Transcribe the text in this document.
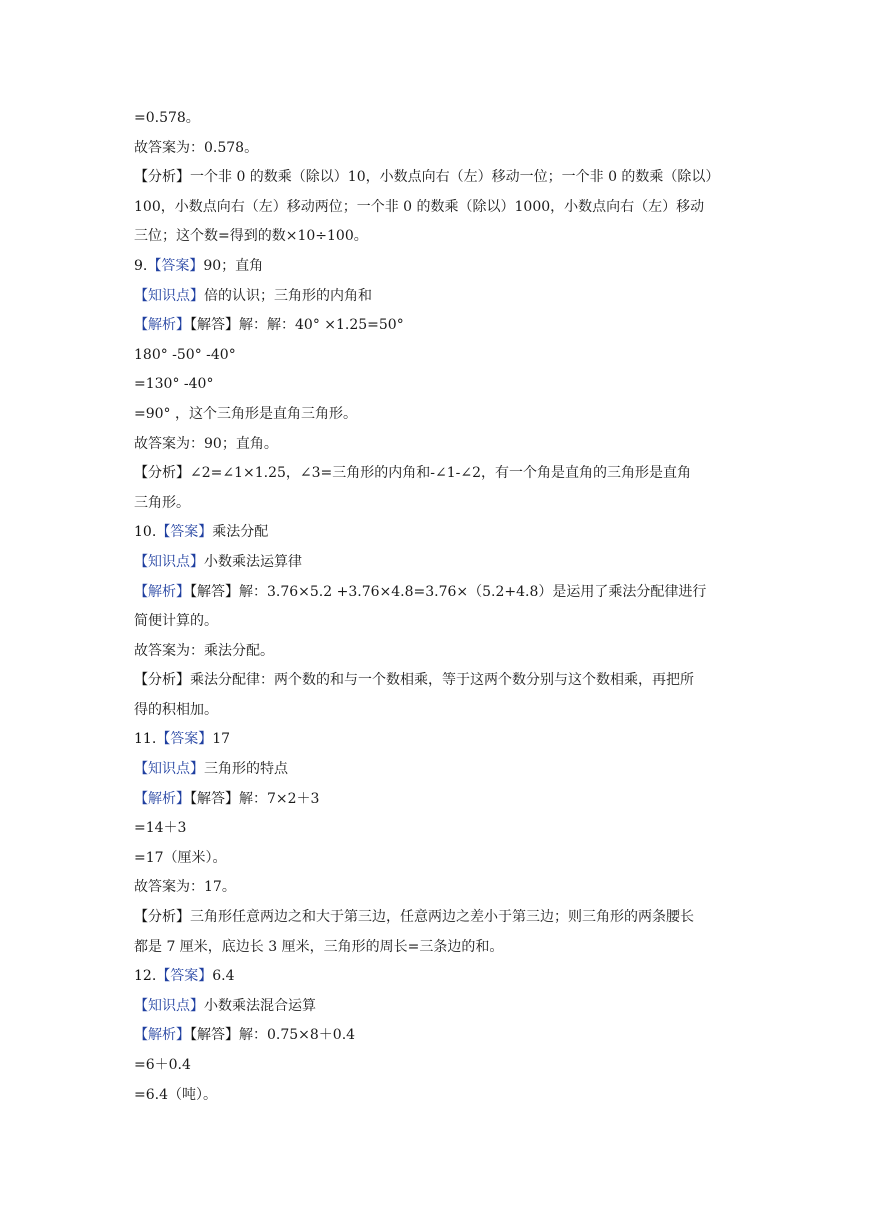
=0.578。
故答案为：0.578。
【分析】一个非 0 的数乘（除以）10，小数点向右（左）移动一位；一个非 0 的数乘（除以）
100，小数点向右（左）移动两位；一个非 0 的数乘（除以）1000，小数点向右（左）移动
三位；这个数=得到的数×10÷100。
9.【答案】90；直角
【知识点】倍的认识；三角形的内角和
【解析】【解答】解：解：40° ×1.25=50°
180° -50° -40°
=130° -40°
=90° ，这个三角形是直角三角形。
故答案为：90；直角。
【分析】∠2=∠1×1.25，∠3=三角形的内角和-∠1-∠2，有一个角是直角的三角形是直角
三角形。
10.【答案】乘法分配
【知识点】小数乘法运算律
【解析】【解答】解：3.76×5.2 +3.76×4.8=3.76×（5.2+4.8）是运用了乘法分配律进行
简便计算的。
故答案为：乘法分配。
【分析】乘法分配律：两个数的和与一个数相乘，等于这两个数分别与这个数相乘，再把所
得的积相加。
11.【答案】17
【知识点】三角形的特点
【解析】【解答】解：7×2＋3
=14＋3
=17（厘米）。
故答案为：17。
【分析】三角形任意两边之和大于第三边，任意两边之差小于第三边；则三角形的两条腰长
都是 7 厘米，底边长 3 厘米，三角形的周长=三条边的和。
12.【答案】6.4
【知识点】小数乘法混合运算
【解析】【解答】解：0.75×8＋0.4
=6＋0.4
=6.4（吨）。
